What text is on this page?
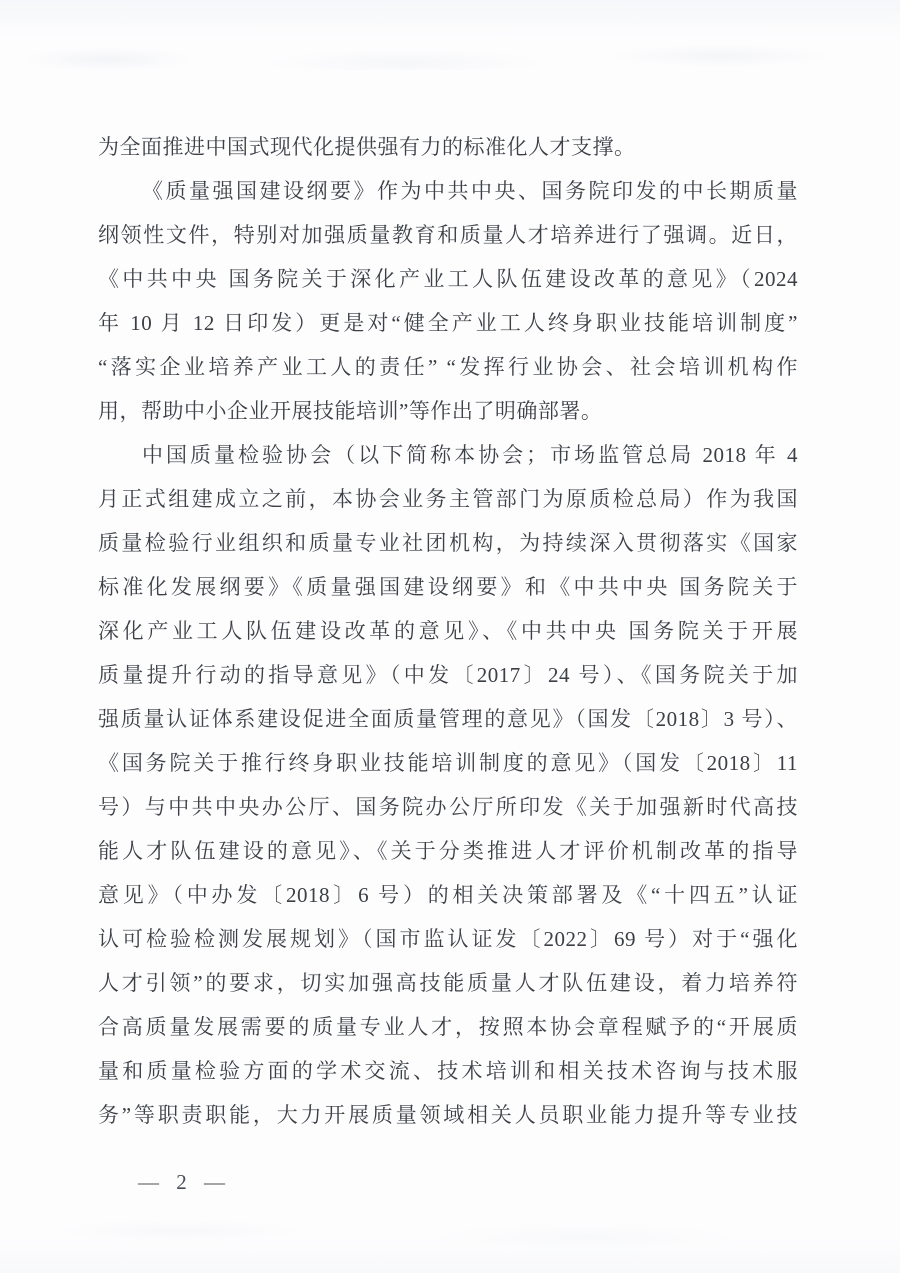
为全面推进中国式现代化提供强有力的标准化人才支撑。
《质量强国建设纲要》作为中共中央、国务院印发的中长期质量
纲领性文件，特别对加强质量教育和质量人才培养进行了强调。近日，
《中共中央 国务院关于深化产业工人队伍建设改革的意见》（2024
年 10 月 12 日印发）更是对“健全产业工人终身职业技能培训制度”
“落实企业培养产业工人的责任” “发挥行业协会、社会培训机构作
用，帮助中小企业开展技能培训”等作出了明确部署。
中国质量检验协会（以下简称本协会；市场监管总局 2018 年 4
月正式组建成立之前，本协会业务主管部门为原质检总局）作为我国
质量检验行业组织和质量专业社团机构，为持续深入贯彻落实《国家
标准化发展纲要》《质量强国建设纲要》和《中共中央 国务院关于
深化产业工人队伍建设改革的意见》、《中共中央 国务院关于开展
质量提升行动的指导意见》（中发〔2017〕24 号）、《国务院关于加
强质量认证体系建设促进全面质量管理的意见》（国发〔2018〕3 号）、
《国务院关于推行终身职业技能培训制度的意见》（国发〔2018〕11
号）与中共中央办公厅、国务院办公厅所印发《关于加强新时代高技
能人才队伍建设的意见》、《关于分类推进人才评价机制改革的指导
意见》（中办发〔2018〕6 号）的相关决策部署及《“十四五”认证
认可检验检测发展规划》（国市监认证发〔2022〕69 号）对于“强化
人才引领”的要求，切实加强高技能质量人才队伍建设，着力培养符
合高质量发展需要的质量专业人才，按照本协会章程赋予的“开展质
量和质量检验方面的学术交流、技术培训和相关技术咨询与技术服
务”等职责职能，大力开展质量领域相关人员职业能力提升等专业技
— 2 —
